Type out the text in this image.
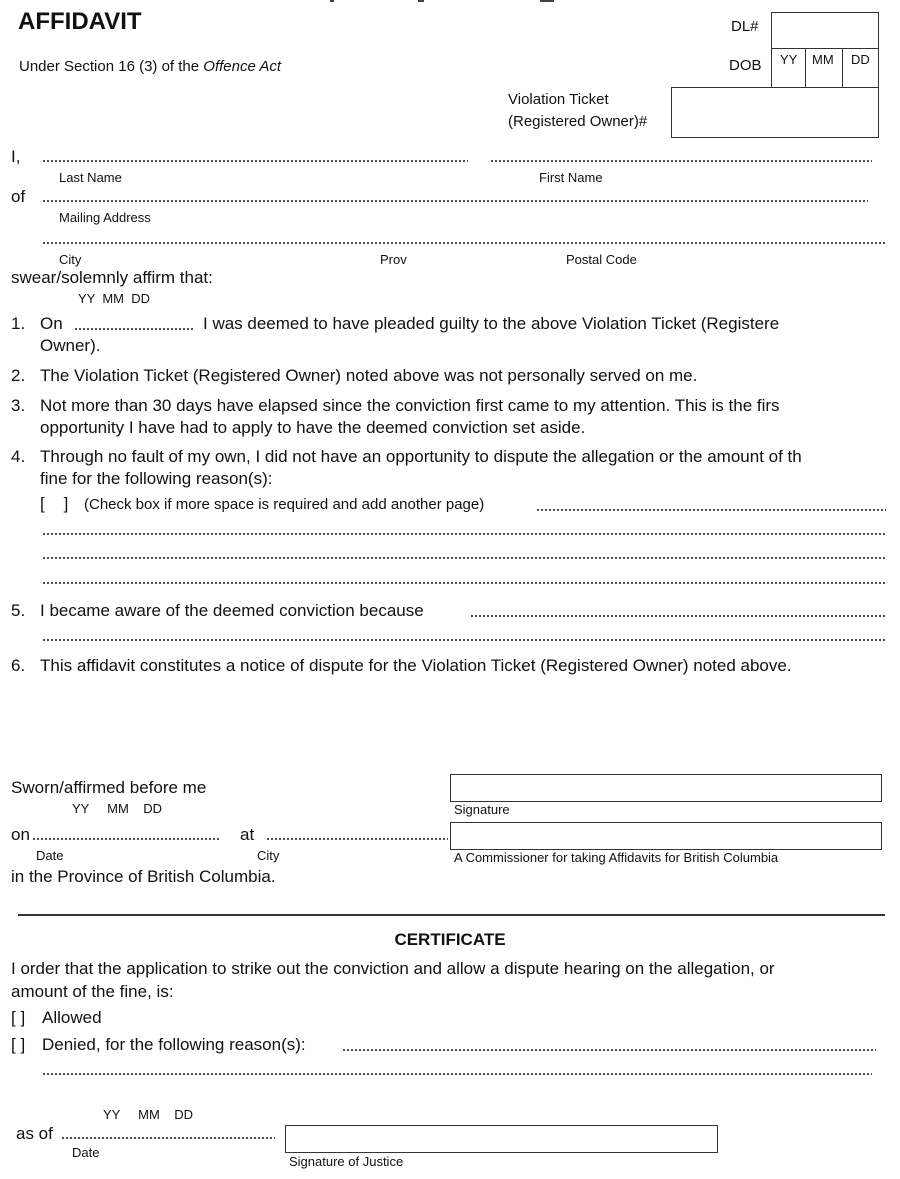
AFFIDAVIT
Under Section 16 (3) of the Offence Act
DL#
DOB YY MM DD
Violation Ticket
(Registered Owner)#
I,
Last Name	First Name
of
Mailing Address
City	Prov	Postal Code
swear/solemnly affirm that:
YY  MM  DD
1. On	I was deemed to have pleaded guilty to the above Violation Ticket (Registere
Owner).
2. The Violation Ticket (Registered Owner) noted above was not personally served on me.
3. Not more than 30 days have elapsed since the conviction first came to my attention. This is the firs
opportunity I have had to apply to have the deemed conviction set aside.
4. Through no fault of my own, I did not have an opportunity to dispute the allegation or the amount of th
fine for the following reason(s):
[    ] (Check box if more space is required and add another page)
5. I became aware of the deemed conviction because
6. This affidavit constitutes a notice of dispute for the Violation Ticket (Registered Owner) noted above.
Sworn/affirmed before me
YY     MM    DD
on	at
Date	City
in the Province of British Columbia.
Signature
A Commissioner for taking Affidavits for British Columbia
CERTIFICATE
I order that the application to strike out the conviction and allow a dispute hearing on the allegation, or
amount of the fine, is:
[ ] Allowed
[ ] Denied, for the following reason(s):
YY     MM    DD
as of
Date
Signature of Justice
